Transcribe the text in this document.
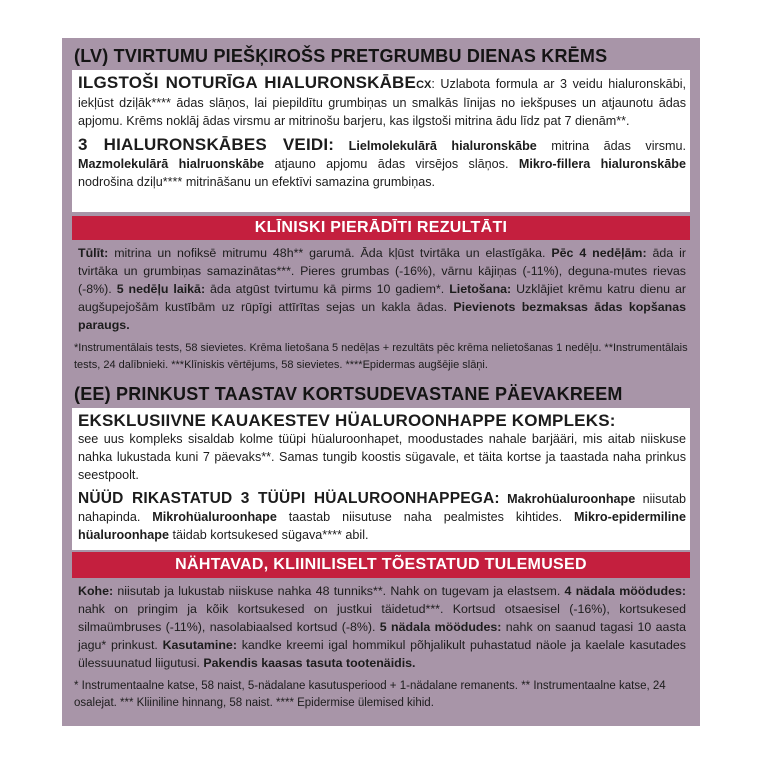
(LV) TVIRTUMU PIEŠĶIROŠS PRETGRUMBU DIENAS KRĒMS
ILGSTOŠI NOTURĪGA HIALURONSKĀBECX: Uzlabota formula ar 3 veidu hialuronskābi, iekļūst dziļāk**** ādas slāņos, lai piepildītu grumbiņas un smalkās līnijas no iekšpuses un atjaunotu ādas apjomu. Krēms noklāj ādas virsmu ar mitrinošu barjeru, kas ilgstoši mitrina ādu līdz pat 7 dienām**.
3 HIALURONSKĀBES VEIDI: Lielmolekulārā hialuronskābe mitrina ādas virsmu. Mazmolekulārā hialruonskābe atjauno apjomu ādas virsējos slāņos. Mikro-fillera hialuronskābe nodrošina dziļu**** mitrināšanu un efektīvi samazina grumbiņas.
KLĪNISKI PIERĀDĪTI REZULTĀTI
Tūlīt: mitrina un nofiksē mitrumu 48h** garumā. Āda kļūst tvirtāka un elastīgāka. Pēc 4 nedēļām: āda ir tvirtāka un grumbiņas samazinātas***. Pieres grumbas (-16%), vārnu kājiņas (-11%), deguna-mutes rievas (-8%). 5 nedēļu laikā: āda atgūst tvirtumu kā pirms 10 gadiem*. Lietošana: Uzklājiet krēmu katru dienu ar augšupejošām kustībām uz rūpīgi attīrītas sejas un kakla ādas. Pievienots bezmaksas ādas kopšanas paraugs.
*Instrumentālais tests, 58 sievietes. Krēma lietošana 5 nedēļas + rezultāts pēc krēma nelietošanas 1 nedēļu. **Instrumentālais tests, 24 dalībnieki. ***Klīniskis vērtējums, 58 sievietes. ****Epidermas augšējie slāņi.
(EE) PRINKUST TAASTAV KORTSUDEVASTANE PÄEVAKREEM
EKSKLUSIIVNE KAUAKESTEV HÜALUROONHAPPE KOMPLEKS:
see uus kompleks sisaldab kolme tüüpi hüaluroonhapet, moodustades nahale barjääri, mis aitab niiskuse nahka lukustada kuni 7 päevaks**. Samas tungib koostis sügavale, et täita kortse ja taastada naha prinkus seestpoolt.
NÜÜD RIKASTATUD 3 TÜÜPI HÜALUROONHAPPEGA: Makrohüaluroonhape niisutab nahapinda. Mikrohüaluroonhape taastab niisutuse naha pealmistes kihtides. Mikro-epidermiline hüaluroonhape täidab kortsukesed sügava**** abil.
NÄHTAVAD, KLIINILISELT TÕESTATUD TULEMUSED
Kohe: niisutab ja lukustab niiskuse nahka 48 tunniks**. Nahk on tugevam ja elastsem. 4 nädala möödudes: nahk on pringim ja kõik kortsukesed on justkui täidetud***. Kortsud otsaesisel (-16%), kortsukesed silmaümbruses (-11%), nasolabiaalsed kortsud (-8%). 5 nädala möödudes: nahk on saanud tagasi 10 aasta jagu* prinkust. Kasutamine: kandke kreemi igal hommikul põhjalikult puhastatud näole ja kaelale kasutades ülessuunatud liigutusi. Pakendis kaasas tasuta tootenäidis.
* Instrumentaalne katse, 58 naist, 5-nädalane kasutusperiood + 1-nädalane remanents. ** Instrumentaalne katse, 24 osalejat. *** Kliiniline hinnang, 58 naist. **** Epidermise ülemised kihid.
